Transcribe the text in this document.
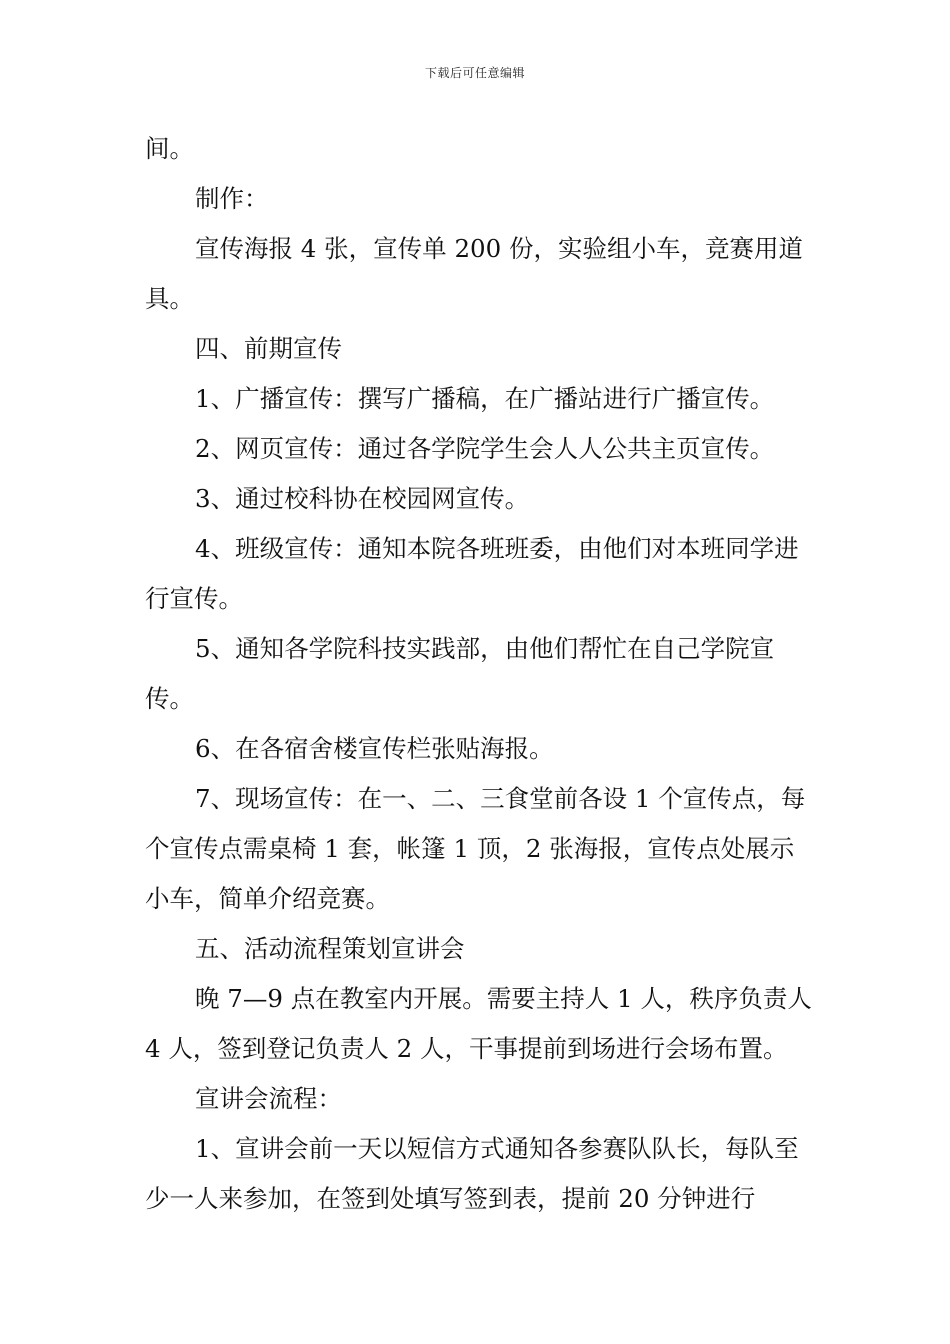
下载后可任意编辑

间。

制作：

宣传海报 4 张，宣传单 200 份，实验组小车，竞赛用道具。

四、前期宣传

1、广播宣传：撰写广播稿，在广播站进行广播宣传。

2、网页宣传：通过各学院学生会人人公共主页宣传。

3、通过校科协在校园网宣传。

4、班级宣传：通知本院各班班委，由他们对本班同学进行宣传。

5、通知各学院科技实践部，由他们帮忙在自己学院宣传。

6、在各宿舍楼宣传栏张贴海报。

7、现场宣传：在一、二、三食堂前各设 1 个宣传点，每个宣传点需桌椅 1 套，帐篷 1 顶，2 张海报，宣传点处展示小车，简单介绍竞赛。

五、活动流程策划宣讲会

晚 7—9 点在教室内开展。需要主持人 1 人，秩序负责人 4 人，签到登记负责人 2 人，干事提前到场进行会场布置。

宣讲会流程：

1、宣讲会前一天以短信方式通知各参赛队队长，每队至少一人来参加，在签到处填写签到表，提前 20 分钟进行
